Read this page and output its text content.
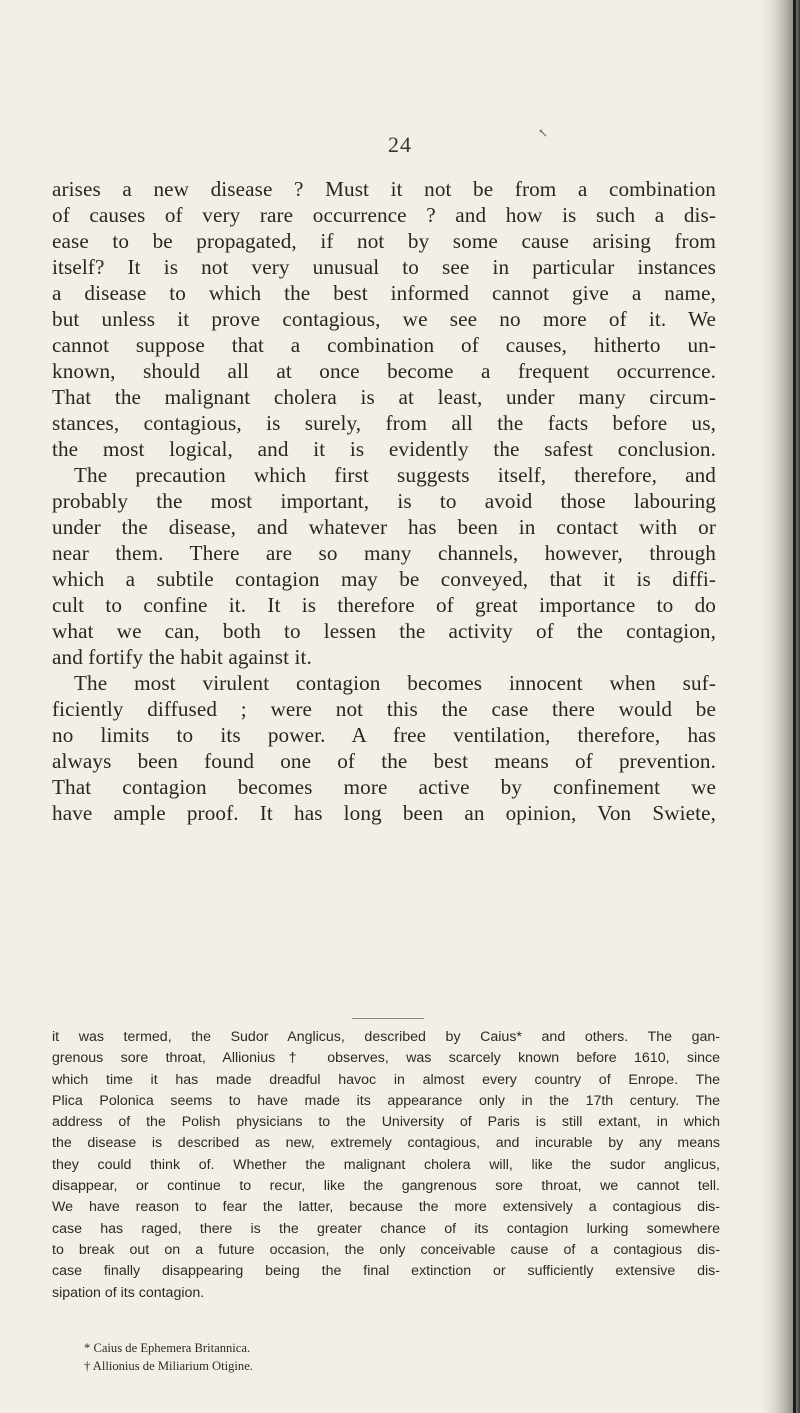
24	↖
arises a new disease ? Must it not be from a combination
of causes of very rare occurrence ? and how is such a dis-
ease to be propagated, if not by some cause arising from
itself? It is not very unusual to see in particular instances
a disease to which the best informed cannot give a name,
but unless it prove contagious, we see no more of it. We
cannot suppose that a combination of causes, hitherto un-
known, should all at once become a frequent occurrence.
That the malignant cholera is at least, under many circum-
stances, contagious, is surely, from all the facts before us,
the most logical, and it is evidently the safest conclusion.
The precaution which first suggests itself, therefore, and
probably the most important, is to avoid those labouring
under the disease, and whatever has been in contact with or
near them. There are so many channels, however, through
which a subtile contagion may be conveyed, that it is diffi-
cult to confine it. It is therefore of great importance to do
what we can, both to lessen the activity of the contagion,
and fortify the habit against it.
The most virulent contagion becomes innocent when suf-
ficiently diffused ; were not this the case there would be
no limits to its power. A free ventilation, therefore, has
always been found one of the best means of prevention.
That contagion becomes more active by confinement we
have ample proof. It has long been an opinion, Von Swiete,
it was termed, the Sudor Anglicus, described by Caius* and others. The gan-
grenous sore throat, Allionius† observes, was scarcely known before 1610, since
which time it has made dreadful havoc in almost every country of Enrope. The
Plica Polonica seems to have made its appearance only in the 17th century. The
address of the Polish physicians to the University of Paris is still extant, in which
the disease is described as new, extremely contagious, and incurable by any means
they could think of. Whether the malignant cholera will, like the sudor anglicus,
disappear, or continue to recur, like the gangrenous sore throat, we cannot tell.
We have reason to fear the latter, because the more extensively a contagious dis-
case has raged, there is the greater chance of its contagion lurking somewhere
to break out on a future occasion, the only conceivable cause of a contagious dis-
case finally disappearing being the final extinction or sufficiently extensive dis-
sipation of its contagion.
* Caius de Ephemera Britannica.
† Allionius de Miliarium Otigine.
